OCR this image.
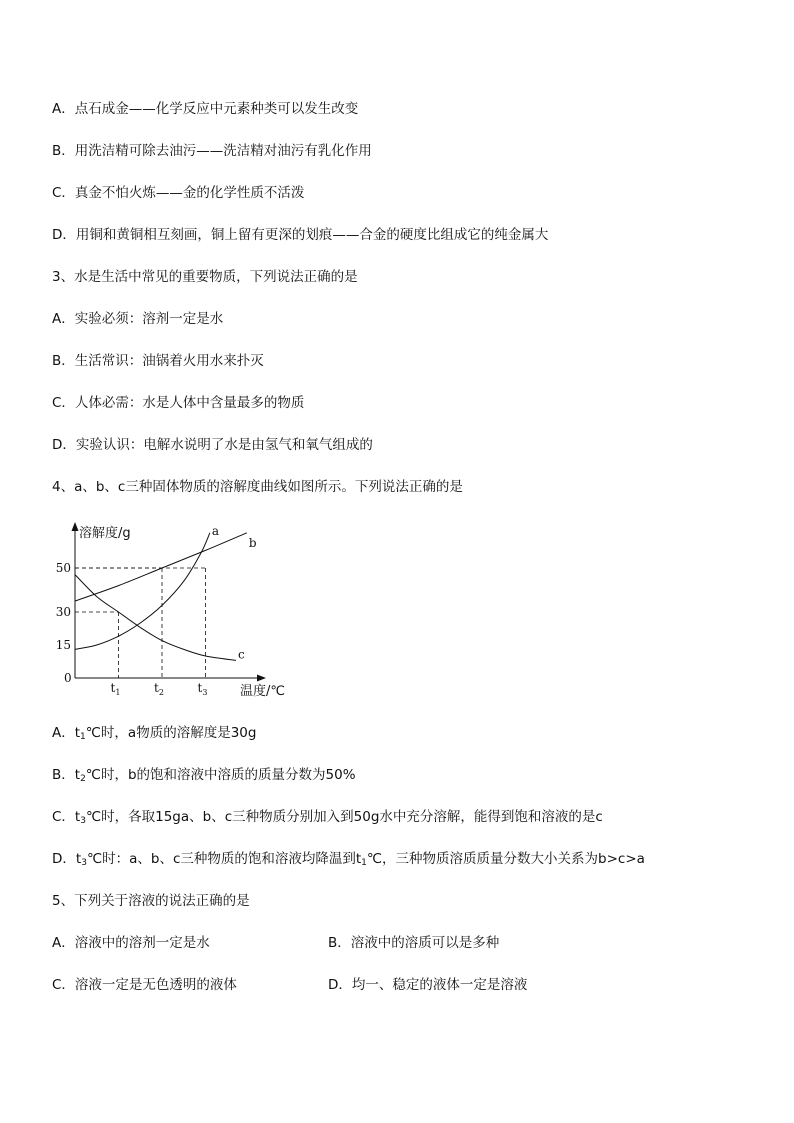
A．点石成金——化学反应中元素种类可以发生改变
B．用洗洁精可除去油污——洗洁精对油污有乳化作用
C．真金不怕火炼——金的化学性质不活泼
D．用铜和黄铜相互刻画，铜上留有更深的划痕——合金的硬度比组成它的纯金属大
3、水是生活中常见的重要物质，下列说法正确的是
A．实验必须：溶剂一定是水
B．生活常识：油锅着火用水来扑灭
C．人体必需：水是人体中含量最多的物质
D．实验认识：电解水说明了水是由氢气和氧气组成的
4、a、b、c三种固体物质的溶解度曲线如图所示。下列说法正确的是
a
b
c
溶解度/g
温度/℃
0
15
30
50
$t_1$	$t_2$	$t_3$
A．$t_1℃$时，a物质的溶解度是30g
B．$t_2℃$时，b的饱和溶液中溶质的质量分数为50%
C．$t_3℃$时，各取15ga、b、c三种物质分别加入到50g水中充分溶解，能得到饱和溶液的是c
D．$t_3℃$时：a、b、c三种物质的饱和溶液均降温到$t_1℃$，三种物质溶质质量分数大小关系为b>c>a
5、下列关于溶液的说法正确的是
A．溶液中的溶剂一定是水	B．溶液中的溶质可以是多种
C．溶液一定是无色透明的液体	D．均一、稳定的液体一定是溶液
